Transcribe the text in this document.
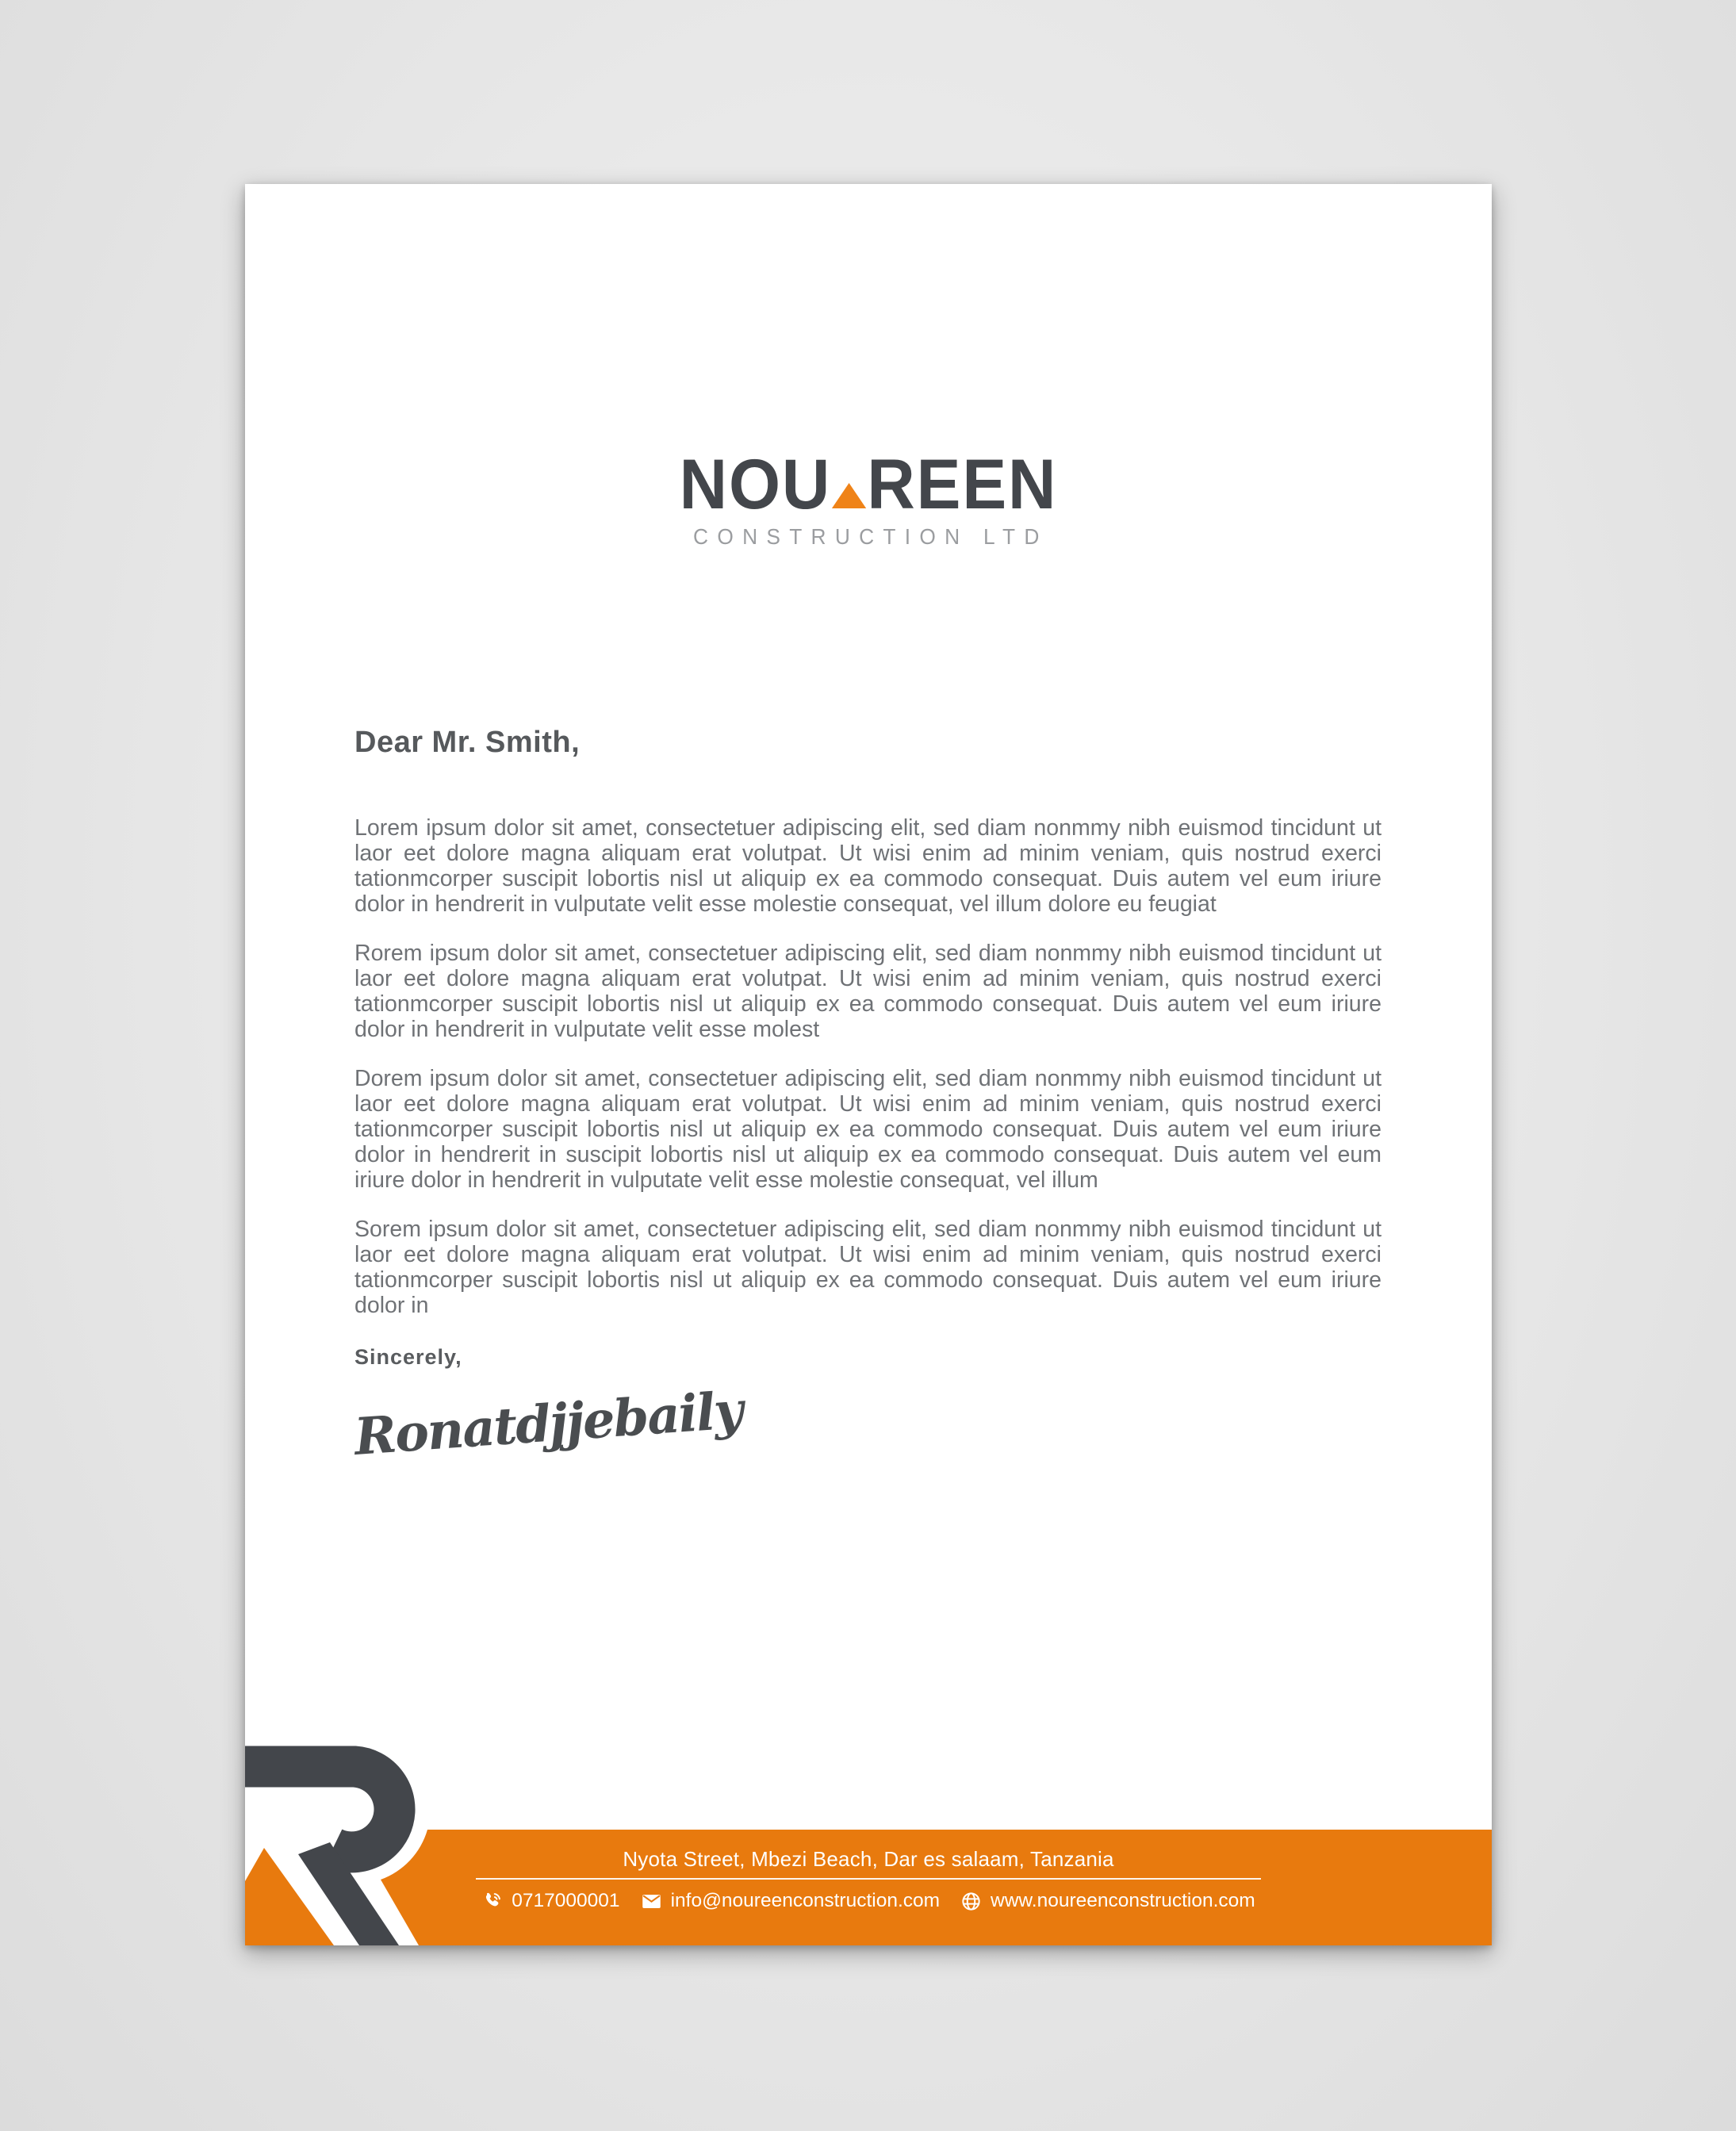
NOU REEN
CONSTRUCTION LTD
Dear Mr. Smith,

Lorem ipsum dolor sit amet, consectetuer adipiscing elit, sed diam nonmmy nibh euismod tincidunt ut laor eet dolore magna aliquam erat volutpat. Ut wisi enim ad minim veniam, quis nostrud exerci tationmcorper suscipit lobortis nisl ut aliquip ex ea commodo consequat. Duis autem vel eum iriure dolor in hendrerit in vulputate velit esse molestie consequat, vel illum dolore eu feugiat

Rorem ipsum dolor sit amet, consectetuer adipiscing elit, sed diam nonmmy nibh euismod tincidunt ut laor eet dolore magna aliquam erat volutpat. Ut wisi enim ad minim veniam, quis nostrud exerci tationmcorper suscipit lobortis nisl ut aliquip ex ea commodo consequat. Duis autem vel eum iriure dolor in hendrerit in vulputate velit esse molest

Dorem ipsum dolor sit amet, consectetuer adipiscing elit, sed diam nonmmy nibh euismod tincidunt ut laor eet dolore magna aliquam erat volutpat. Ut wisi enim ad minim veniam, quis nostrud exerci tationmcorper suscipit lobortis nisl ut aliquip ex ea commodo consequat. Duis autem vel eum iriure dolor in hendrerit in suscipit lobortis nisl ut aliquip ex ea commodo consequat. Duis autem vel eum iriure dolor in hendrerit in vulputate velit esse molestie consequat, vel illum

Sorem ipsum dolor sit amet, consectetuer adipiscing elit, sed diam nonmmy nibh euismod tincidunt ut laor eet dolore magna aliquam erat volutpat. Ut wisi enim ad minim veniam, quis nostrud exerci tationmcorper suscipit lobortis nisl ut aliquip ex ea commodo consequat. Duis autem vel eum iriure dolor in

Sincerely,
Ronatdjjebaily
Nyota Street, Mbezi Beach, Dar es salaam, Tanzania
0717000001	info@noureenconstruction.com	www.noureenconstruction.com
